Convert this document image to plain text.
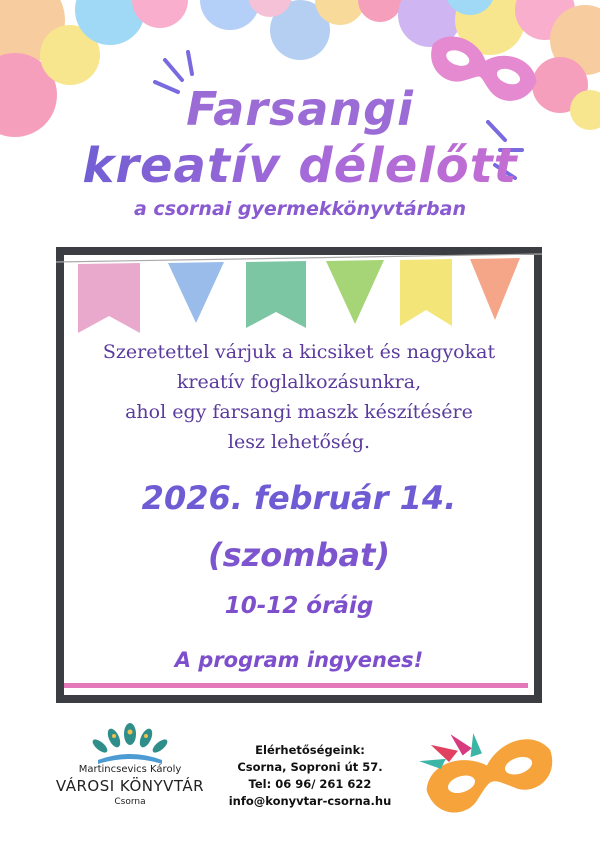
Farsangi
kreatív délelőtt
a csornai gyermekkönyvtárban
Szeretettel várjuk a kicsiket és nagyokat
kreatív foglalkozásunkra,
ahol egy farsangi maszk készítésére
lesz lehetőség.
2026. február 14.
(szombat)
10-12 óráig
A program ingyenes!
Martincsevics Károly
VÁROSI KÖNYVTÁR
Csorna
Elérhetőségeink:
Csorna, Soproni út 57.
Tel: 06 96/ 261 622
info@konyvtar-csorna.hu
